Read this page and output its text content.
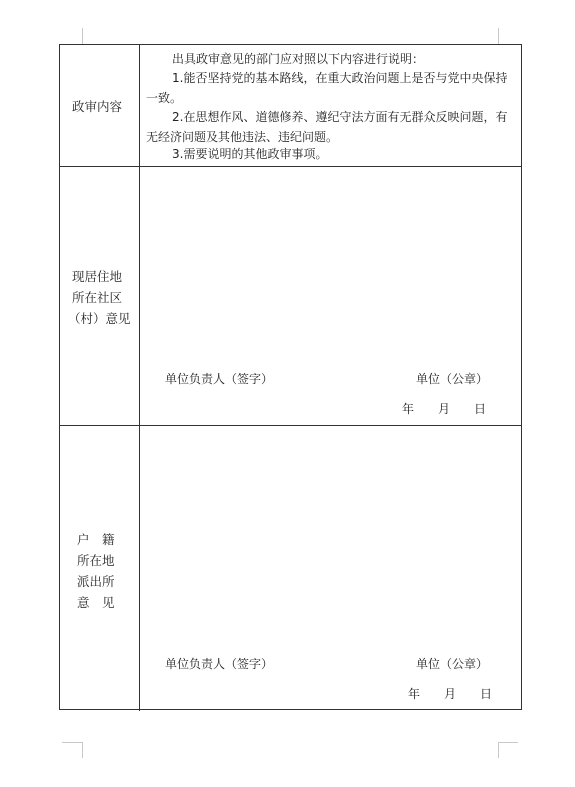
政审内容
出具政审意见的部门应对照以下内容进行说明：
1.能否坚持党的基本路线，在重大政治问题上是否与党中央保持一致。
2.在思想作风、道德修养、遵纪守法方面有无群众反映问题，有无经济问题及其他违法、违纪问题。
3.需要说明的其他政审事项。
现居住地
所在社区
（村）意见
单位负责人（签字）	单位（公章）
年　　月　　日
户　籍
所在地
派出所
意　见
单位负责人（签字）	单位（公章）
年　　月　　日
